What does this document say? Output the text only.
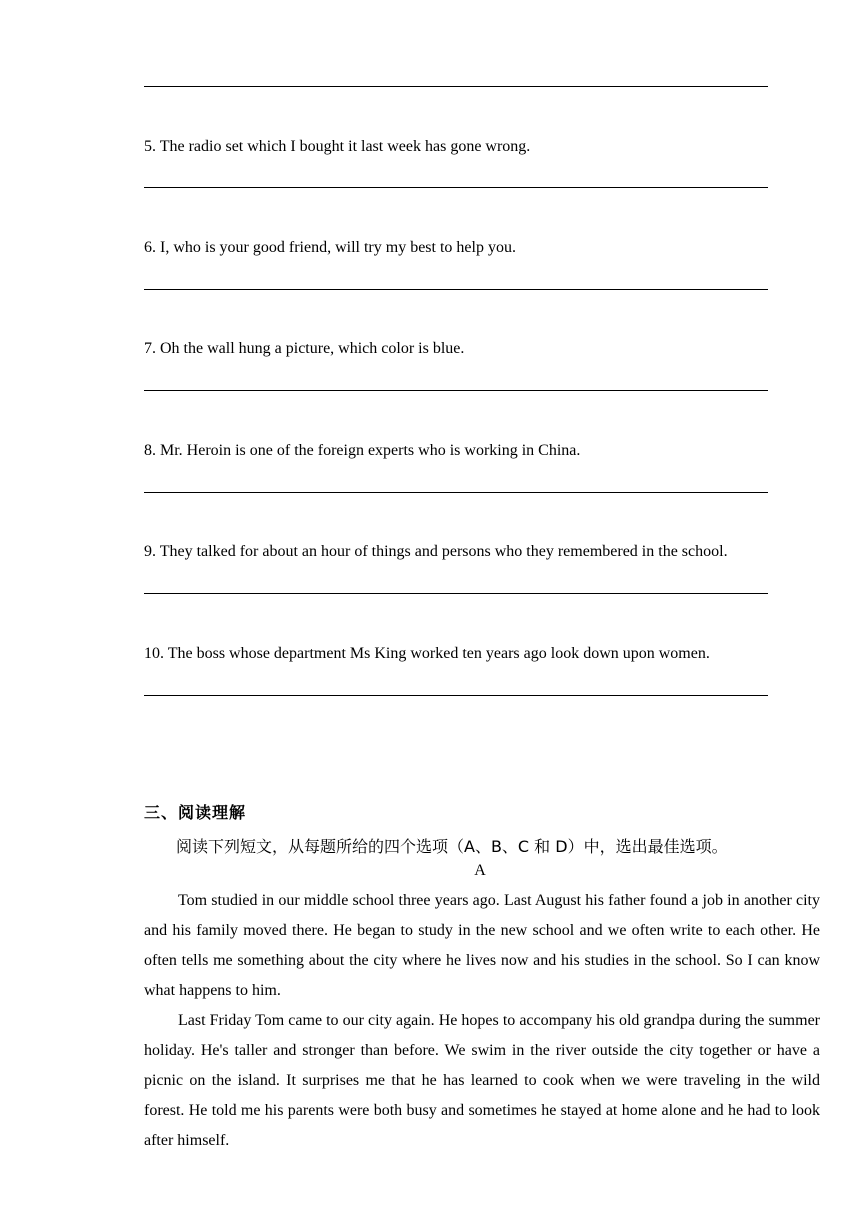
5. The radio set which I bought it last week has gone wrong.
6. I, who is your good friend, will try my best to help you.
7. Oh the wall hung a picture, which color is blue.
8. Mr. Heroin is one of the foreign experts who is working in China.
9. They talked for about an hour of things and persons who they remembered in the school.
10. The boss whose department Ms King worked ten years ago look down upon women.
三、阅读理解
阅读下列短文，从每题所给的四个选项（A、B、C 和 D）中，选出最佳选项。
A
Tom studied in our middle school three years ago. Last August his father found a job in another city and his family moved there. He began to study in the new school and we often write to each other. He often tells me something about the city where he lives now and his studies in the school. So I can know what happens to him.
Last Friday Tom came to our city again. He hopes to accompany his old grandpa during the summer holiday. He's taller and stronger than before. We swim in the river outside the city together or have a picnic on the island. It surprises me that he has learned to cook when we were traveling in the wild forest. He told me his parents were both busy and sometimes he stayed at home alone and he had to look after himself.
